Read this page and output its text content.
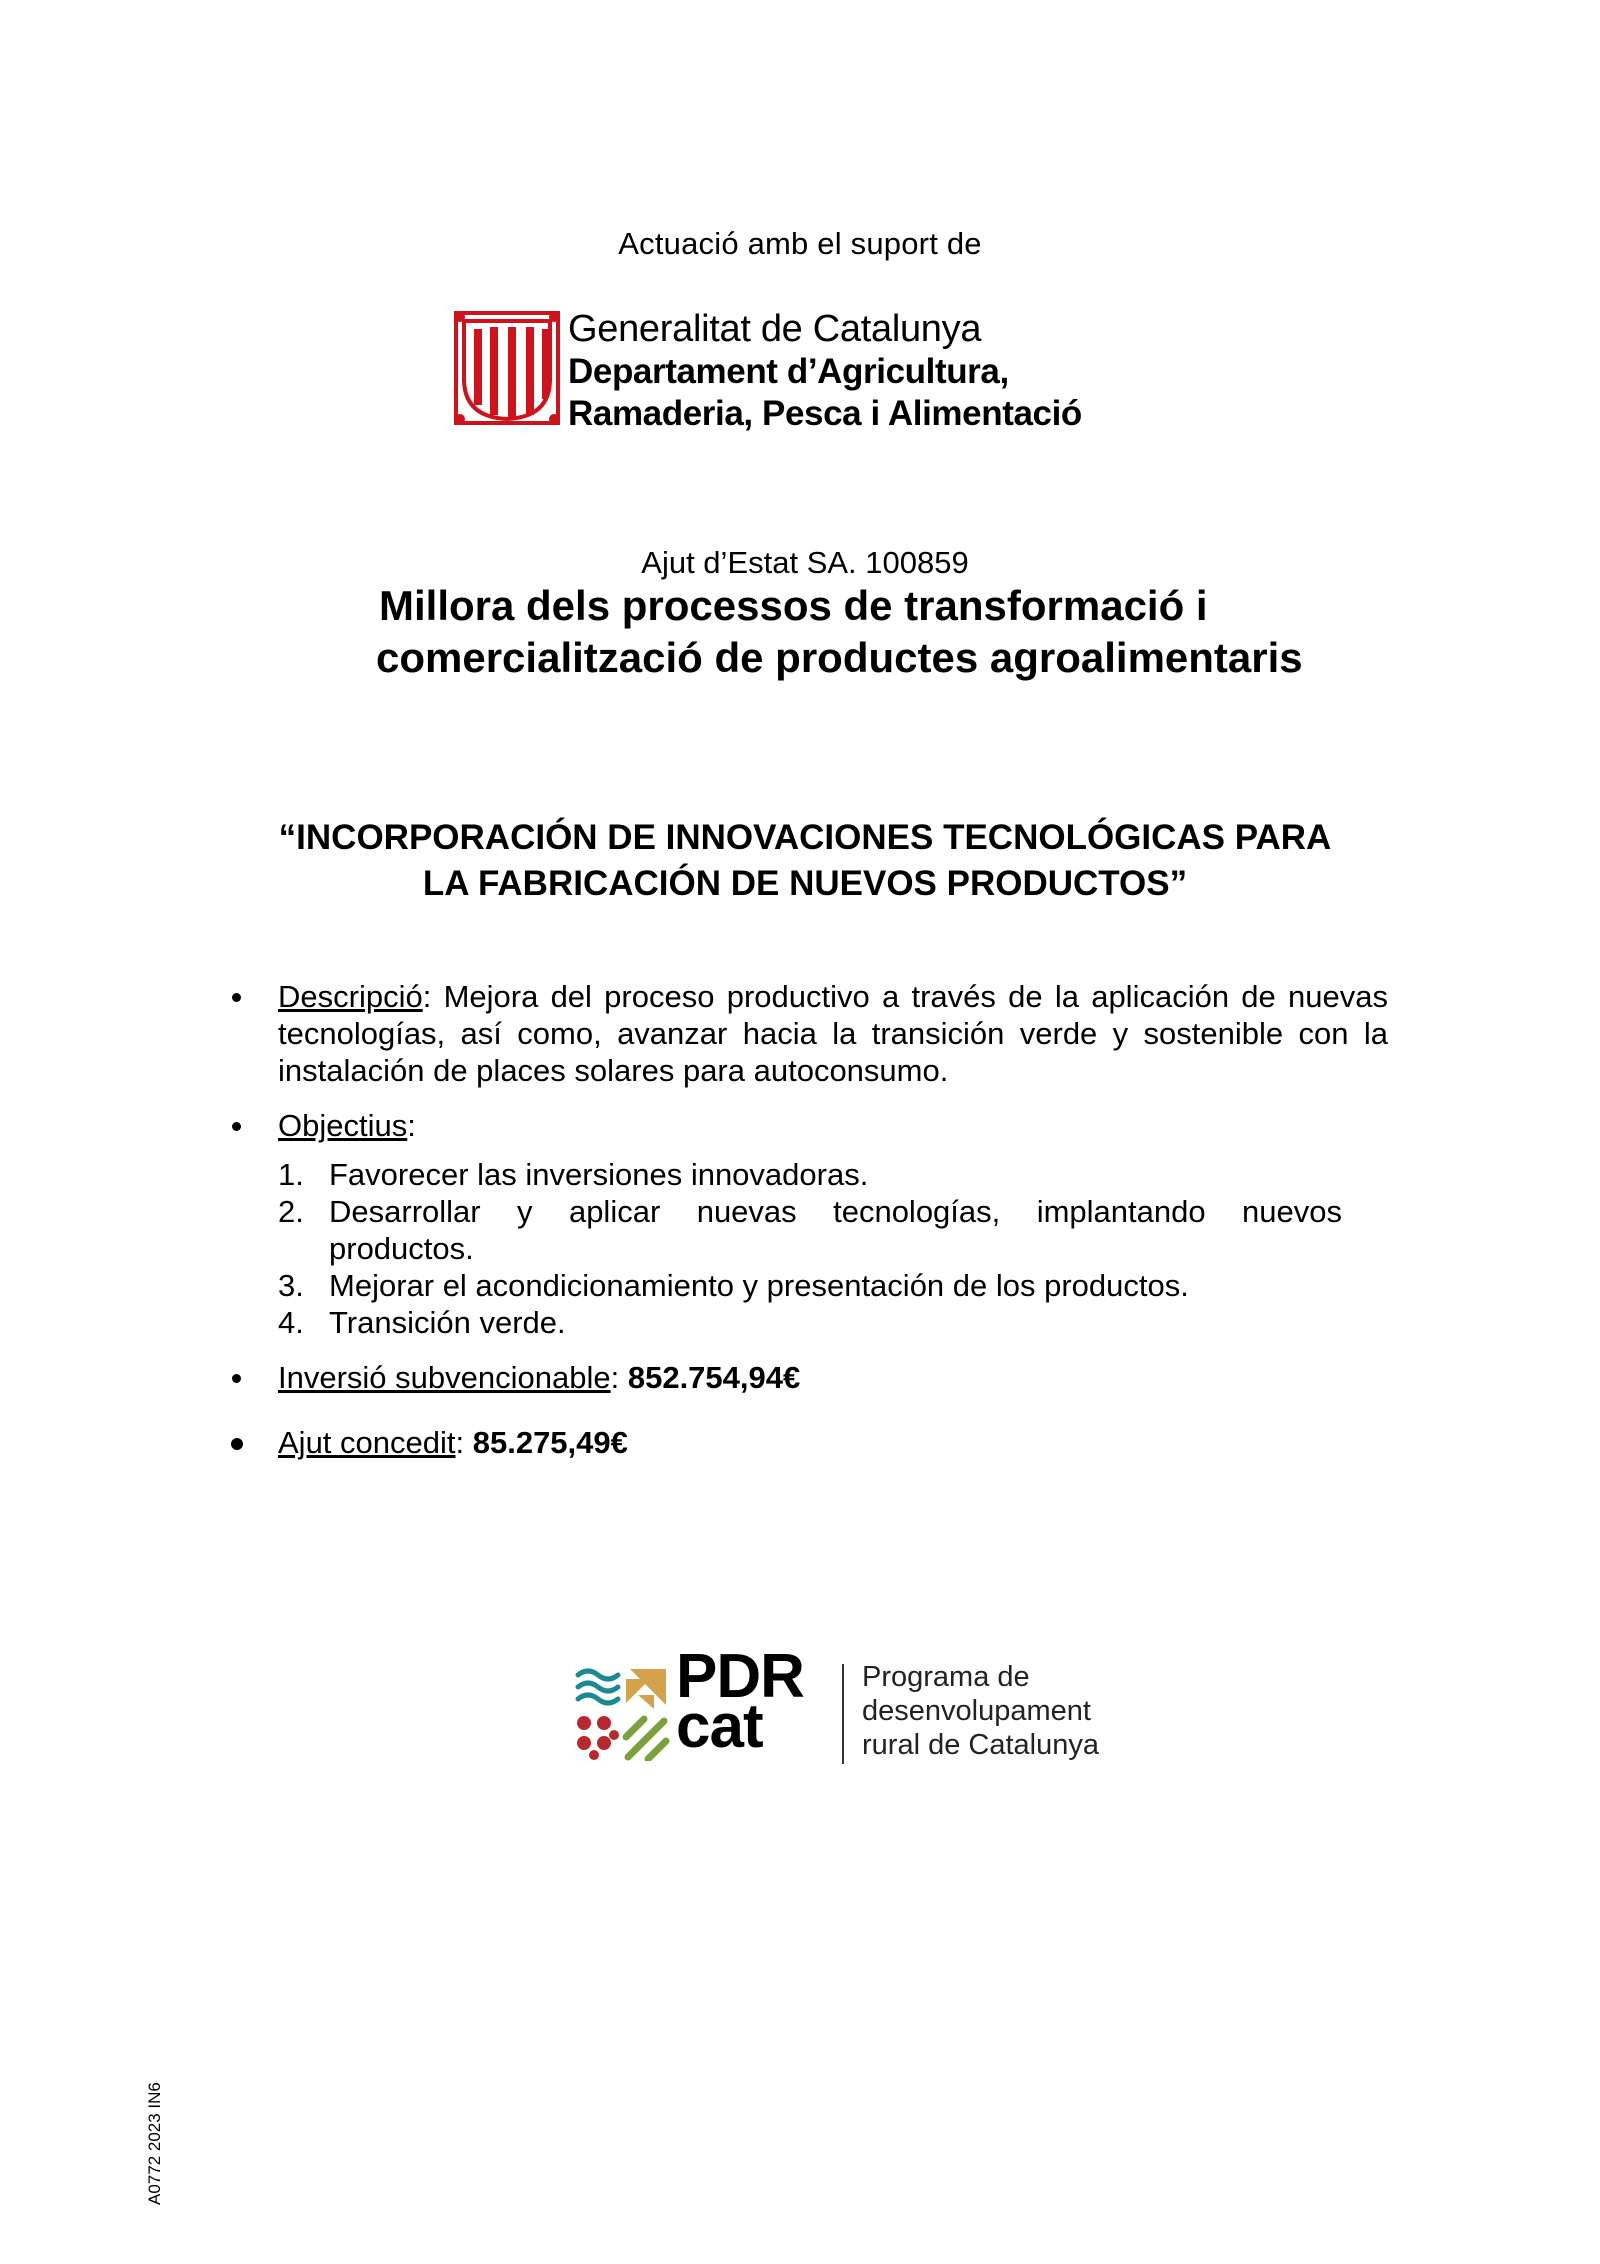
Actuació amb el suport de
Generalitat de Catalunya
Departament d’Agricultura,
Ramaderia, Pesca i Alimentació
Ajut d’Estat SA. 100859
Millora dels processos de transformació i
comercialització de productes agroalimentaris
“INCORPORACIÓN DE INNOVACIONES TECNOLÓGICAS PARA
LA FABRICACIÓN DE NUEVOS PRODUCTOS”
Descripció: Mejora del proceso productivo a través de la aplicación de nuevas tecnologías, así como, avanzar hacia la transición verde y sostenible con la instalación de places solares para autoconsumo.
Objectius:
1. Favorecer las inversiones innovadoras.
2. Desarrollar y aplicar nuevas tecnologías, implantando nuevos
productos.
3. Mejorar el acondicionamiento y presentación de los productos.
4. Transición verde.
Inversió subvencionable: 852.754,94€
Ajut concedit: 85.275,49€
PDR
cat
Programa de
desenvolupament
rural de Catalunya
A0772 2023 IN6
